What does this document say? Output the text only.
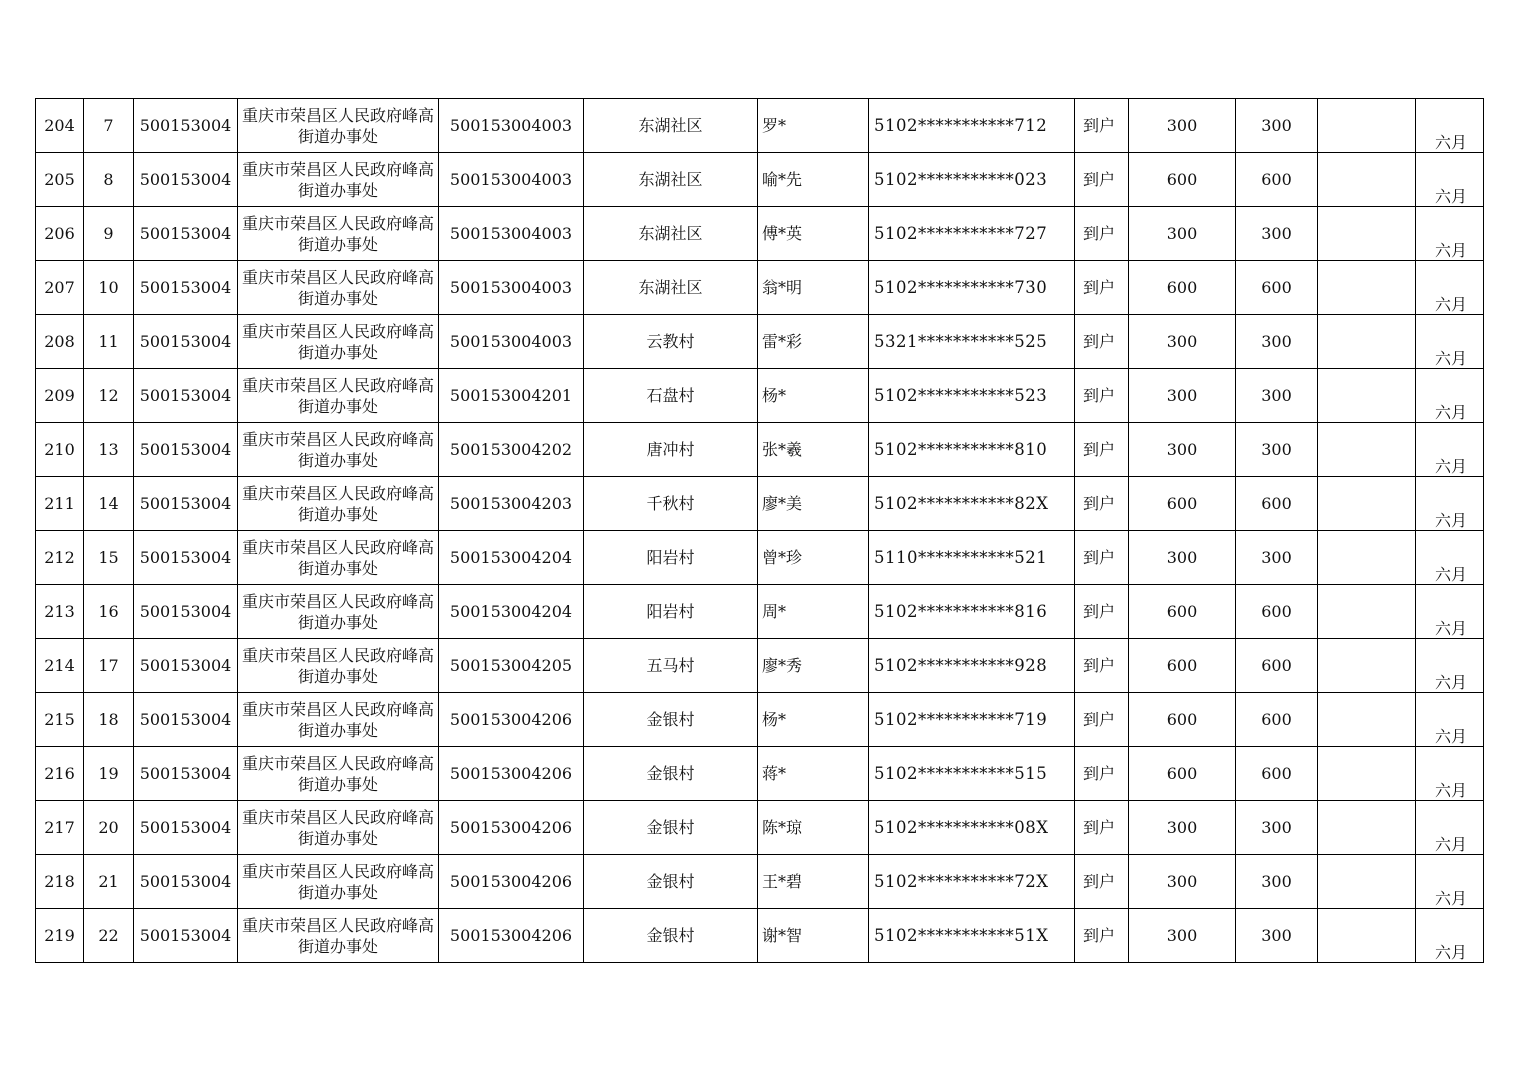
204	7	500153004	重庆市荣昌区人民政府峰高街道办事处	500153004003	东湖社区	罗*	5102***********712	到户	300	300		六月
205	8	500153004	重庆市荣昌区人民政府峰高街道办事处	500153004003	东湖社区	喻*先	5102***********023	到户	600	600		六月
206	9	500153004	重庆市荣昌区人民政府峰高街道办事处	500153004003	东湖社区	傅*英	5102***********727	到户	300	300		六月
207	10	500153004	重庆市荣昌区人民政府峰高街道办事处	500153004003	东湖社区	翁*明	5102***********730	到户	600	600		六月
208	11	500153004	重庆市荣昌区人民政府峰高街道办事处	500153004003	云教村	雷*彩	5321***********525	到户	300	300		六月
209	12	500153004	重庆市荣昌区人民政府峰高街道办事处	500153004201	石盘村	杨*	5102***********523	到户	300	300		六月
210	13	500153004	重庆市荣昌区人民政府峰高街道办事处	500153004202	唐冲村	张*羲	5102***********810	到户	300	300		六月
211	14	500153004	重庆市荣昌区人民政府峰高街道办事处	500153004203	千秋村	廖*美	5102***********82X	到户	600	600		六月
212	15	500153004	重庆市荣昌区人民政府峰高街道办事处	500153004204	阳岩村	曾*珍	5110***********521	到户	300	300		六月
213	16	500153004	重庆市荣昌区人民政府峰高街道办事处	500153004204	阳岩村	周*	5102***********816	到户	600	600		六月
214	17	500153004	重庆市荣昌区人民政府峰高街道办事处	500153004205	五马村	廖*秀	5102***********928	到户	600	600		六月
215	18	500153004	重庆市荣昌区人民政府峰高街道办事处	500153004206	金银村	杨*	5102***********719	到户	600	600		六月
216	19	500153004	重庆市荣昌区人民政府峰高街道办事处	500153004206	金银村	蒋*	5102***********515	到户	600	600		六月
217	20	500153004	重庆市荣昌区人民政府峰高街道办事处	500153004206	金银村	陈*琼	5102***********08X	到户	300	300		六月
218	21	500153004	重庆市荣昌区人民政府峰高街道办事处	500153004206	金银村	王*碧	5102***********72X	到户	300	300		六月
219	22	500153004	重庆市荣昌区人民政府峰高街道办事处	500153004206	金银村	谢*智	5102***********51X	到户	300	300		六月
